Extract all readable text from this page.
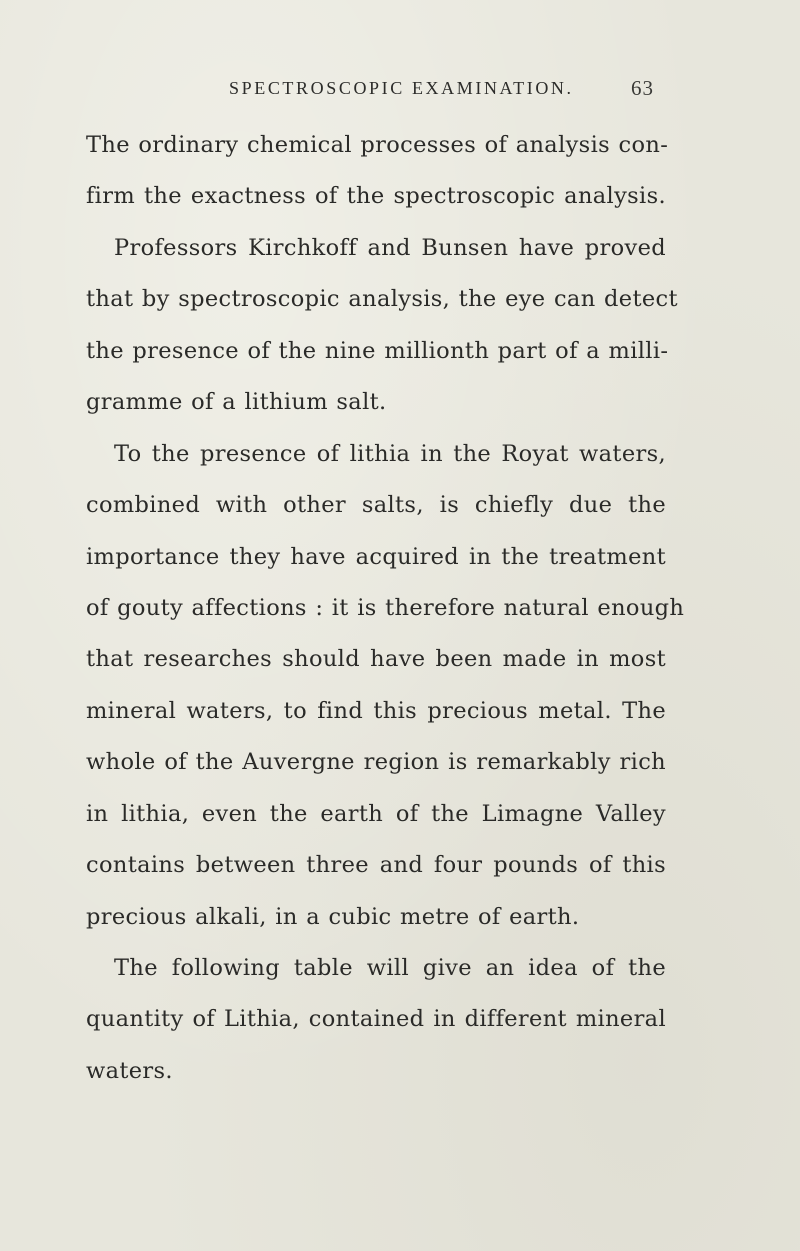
SPECTROSCOPIC EXAMINATION.	63
The ordinary chemical processes of analysis con-
firm the exactness of the spectroscopic analysis.
Professors Kirchkoff and Bunsen have proved
that by spectroscopic analysis, the eye can detect
the presence of the nine millionth part of a milli-
gramme of a lithium salt.
To the presence of lithia in the Royat waters,
combined with other salts, is chiefly due the
importance they have acquired in the treatment
of gouty affections : it is therefore natural enough
that researches should have been made in most
mineral waters, to find this precious metal. The
whole of the Auvergne region is remarkably rich
in lithia, even the earth of the Limagne Valley
contains between three and four pounds of this
precious alkali, in a cubic metre of earth.
The following table will give an idea of the
quantity of Lithia, contained in different mineral
waters.
